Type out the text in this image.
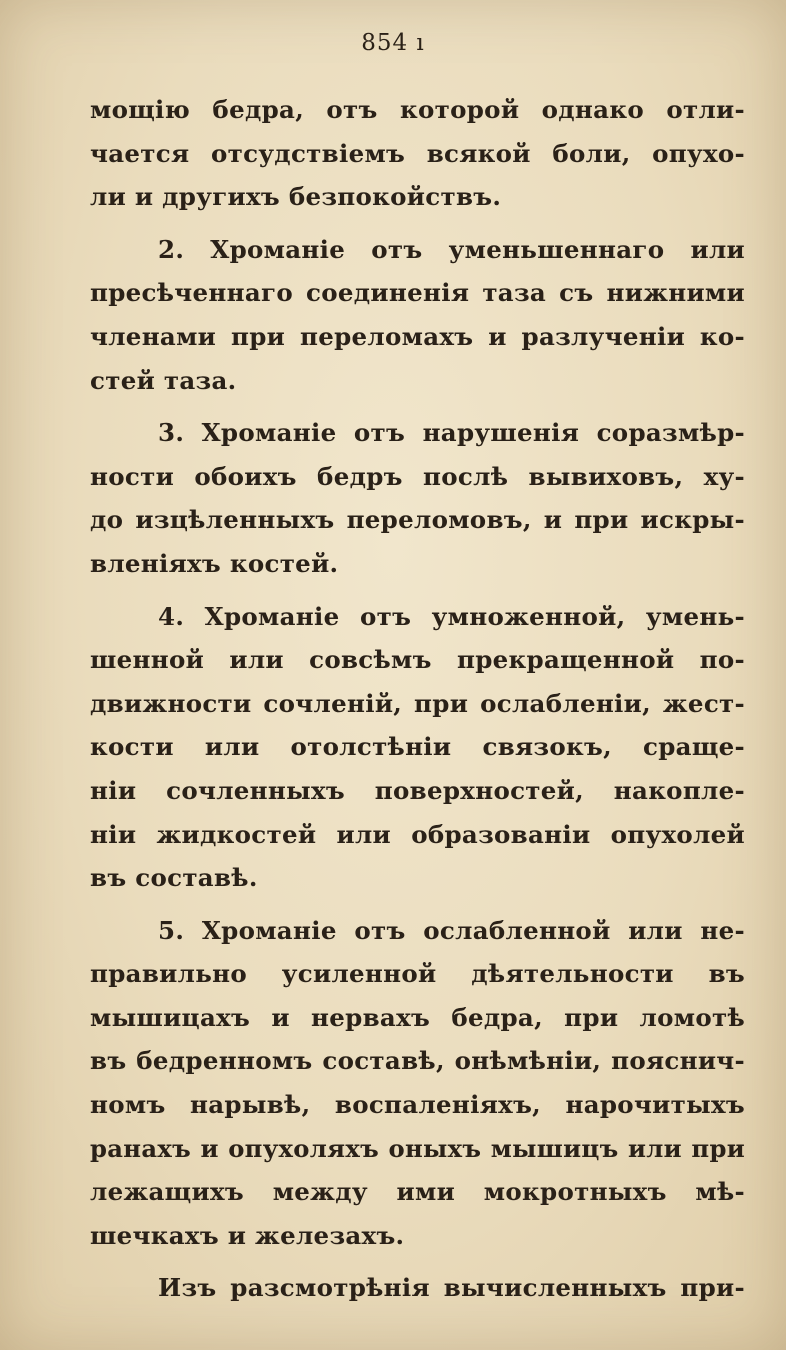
854 ı
мощію бедра, отъ которой однако отли-
чается отсудствіемъ всякой боли, опухо-
ли и другихъ безпокойствъ.
2. Хроманіе отъ уменьшеннаго или
пресѣченнаго соединенія таза съ нижними
членами при переломахъ и разлученіи ко-
стей таза.
3. Хроманіе отъ нарушенія соразмѣр-
ности обоихъ бедръ послѣ вывиховъ, ху-
до изцѣленныхъ переломовъ, и при искры-
вленіяхъ костей.
4. Хроманіе отъ умноженной, умень-
шенной или совсѣмъ прекращенной по-
движности сочленій, при ослабленіи, жест-
кости или отолстѣніи связокъ, сраще-
ніи сочленныхъ поверхностей, накопле-
ніи жидкостей или образованіи опухолей
въ составѣ.
5. Хроманіе отъ ослабленной или не-
правильно усиленной дѣятельности въ
мышицахъ и нервахъ бедра, при ломотѣ
въ бедренномъ составѣ, онѣмѣніи, пояснич-
номъ нарывѣ, воспаленіяхъ, нарочитыхъ
ранахъ и опухоляхъ оныхъ мышицъ или при
лежащихъ между ими мокротныхъ мѣ-
шечкахъ и железахъ.
Изъ разсмотрѣнія вычисленныхъ при-
